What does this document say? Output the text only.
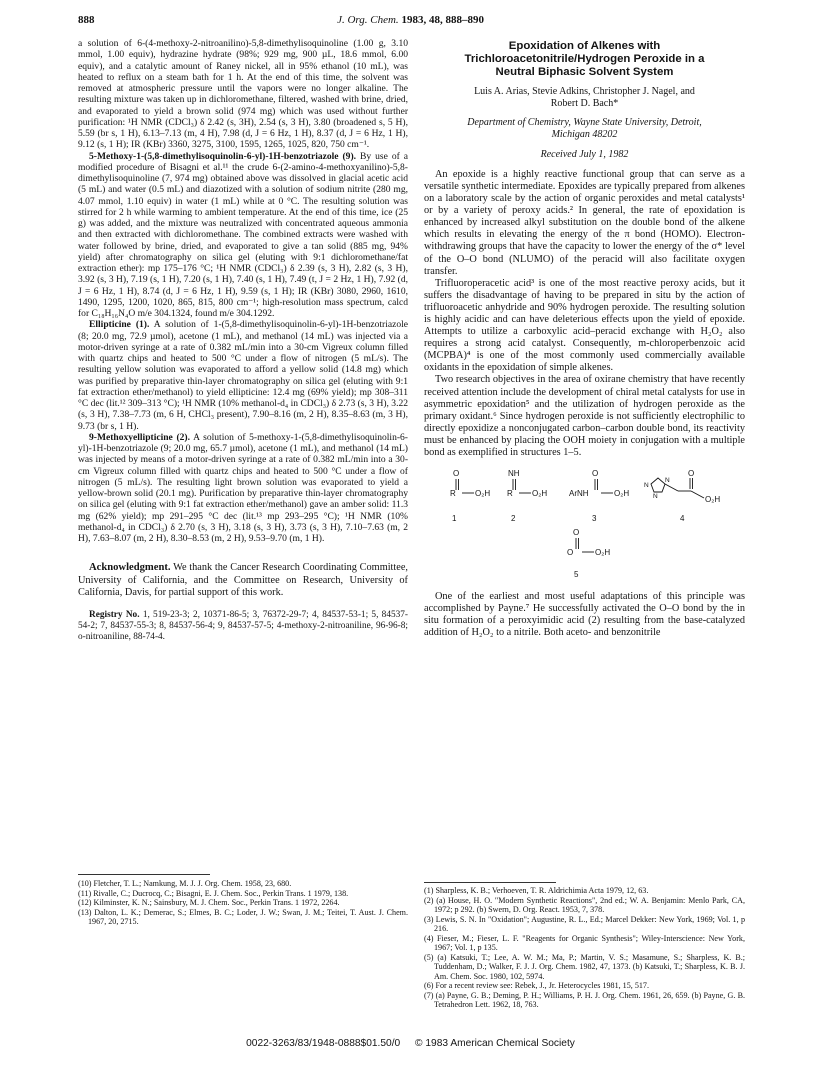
888	J. Org. Chem. 1983, 48, 888–890

a solution of 6-(4-methoxy-2-nitroanilino)-5,8-dimethylisoquinoline (1.00 g, 3.10 mmol, 1.00 equiv), hydrazine hydrate (98%; 929 mg, 900 µL, 18.6 mmol, 6.00 equiv), and a catalytic amount of Raney nickel, all in 95% ethanol (10 mL), was heated to reflux on a steam bath for 1 h. At the end of this time, the solvent was removed at atmospheric pressure until the vapors were no longer alkaline. The resulting mixture was taken up in dichloromethane, filtered, washed with brine, dried, and evaporated to yield a brown solid (974 mg) which was used without further purification: ¹H NMR (CDCl₃) δ 2.42 (s, 3H), 2.54 (s, 3 H), 3.80 (broadened s, 5 H), 5.59 (br s, 1 H), 6.13–7.13 (m, 4 H), 7.98 (d, J = 6 Hz, 1 H), 8.37 (d, J = 6 Hz, 1 H), 9.12 (s, 1 H); IR (KBr) 3360, 3275, 3100, 1595, 1265, 1025, 820, 750 cm⁻¹.

5-Methoxy-1-(5,8-dimethylisoquinolin-6-yl)-1H-benzotriazole (9). By use of a modified procedure of Bisagni et al.¹¹ the crude 6-(2-amino-4-methoxyanilino)-5,8-dimethylisoquinoline (7, 974 mg) obtained above was dissolved in glacial acetic acid (5 mL) and water (0.5 mL) and diazotized with a solution of sodium nitrite (280 mg, 4.07 mmol, 1.10 equiv) in water (1 mL) while at 0 °C. The resulting solution was stirred for 2 h while warming to ambient temperature. At the end of this time, ice (25 g) was added, and the mixture was neutralized with concentrated aqueous ammonia and then extracted with dichloromethane. The combined extracts were washed with water followed by brine, dried, and evaporated to give a tan solid (885 mg, 94% yield) after chromatography on silica gel (eluting with 9:1 dichloromethane/fat extraction ether): mp 175–176 °C; ¹H NMR (CDCl₃) δ 2.39 (s, 3 H), 2.82 (s, 3 H), 3.92 (s, 3 H), 7.19 (s, 1 H), 7.20 (s, 1 H), 7.40 (s, 1 H), 7.49 (t, J = 2 Hz, 1 H), 7.92 (d, J = 6 Hz, 1 H), 8.74 (d, J = 6 Hz, 1 H), 9.59 (s, 1 H); IR (KBr) 3080, 2960, 1610, 1490, 1295, 1200, 1020, 865, 815, 800 cm⁻¹; high-resolution mass spectrum, calcd for C₁₈H₁₆N₄O m/e 304.1324, found m/e 304.1292.

Ellipticine (1). A solution of 1-(5,8-dimethylisoquinolin-6-yl)-1H-benzotriazole (8; 20.0 mg, 72.9 µmol), acetone (1 mL), and methanol (14 mL) was injected via a motor-driven syringe at a rate of 0.382 mL/min into a 30-cm Vigreux column filled with quartz chips and heated to 500 °C under a flow of nitrogen (5 mL/s). The resulting yellow solution was evaporated to afford a yellow solid (14.8 mg) which was purified by preparative thin-layer chromatography on silica gel (eluting with 9:1 fat extraction ether/methanol) to yield ellipticine: 12.4 mg (69% yield); mp 308–311 °C dec (lit.¹² 309–313 °C); ¹H NMR (10% methanol-d₄ in CDCl₃) δ 2.73 (s, 3 H), 3.22 (s, 3 H), 7.38–7.73 (m, 6 H, CHCl₃ present), 7.90–8.16 (m, 2 H), 8.35–8.63 (m, 3 H), 9.73 (br s, 1 H).

9-Methoxyellipticine (2). A solution of 5-methoxy-1-(5,8-dimethylisoquinolin-6-yl)-1H-benzotriazole (9; 20.0 mg, 65.7 µmol), acetone (1 mL), and methanol (14 mL) was injected by means of a motor-driven syringe at a rate of 0.382 mL/min into a 30-cm Vigreux column filled with quartz chips and heated to 500 °C under a flow of nitrogen (5 mL/s). The resulting light brown solution was evaporated to yield a yellow-brown solid (20.1 mg). Purification by preparative thin-layer chromatography on silica gel (eluting with 9:1 fat extraction ether/methanol) gave an amber solid: 11.3 mg (62% yield); mp 291–295 °C dec (lit.¹³ mp 293–295 °C); ¹H NMR (10% methanol-d₄ in CDCl₃) δ 2.70 (s, 3 H), 3.18 (s, 3 H), 3.73 (s, 3 H), 7.10–7.63 (m, 2 H), 7.63–8.07 (m, 2 H), 8.30–8.53 (m, 2 H), 9.53–9.70 (m, 1 H).

Acknowledgment. We thank the Cancer Research Coordinating Committee, University of California, and the Committee on Research, University of California, Davis, for partial support of this work.

Registry No. 1, 519-23-3; 2, 10371-86-5; 3, 76372-29-7; 4, 84537-53-1; 5, 84537-54-2; 7, 84537-55-3; 8, 84537-56-4; 9, 84537-57-5; 4-methoxy-2-nitroaniline, 96-96-8; o-nitroaniline, 88-74-4.

(10) Fletcher, T. L.; Namkung, M. J. J. Org. Chem. 1958, 23, 680.

(11) Rivalle, C.; Ducrocq, C.; Bisagni, E. J. Chem. Soc., Perkin Trans. 1 1979, 138.

(12) Kilminster, K. N.; Sainsbury, M. J. Chem. Soc., Perkin Trans. 1 1972, 2264.

(13) Dalton, L. K.; Demerac, S.; Elmes, B. C.; Loder, J. W.; Swan, J. M.; Teitei, T. Aust. J. Chem. 1967, 20, 2715.

Epoxidation of Alkenes with
Trichloroacetonitrile/Hydrogen Peroxide in a
Neutral Biphasic Solvent System
Luis A. Arias, Stevie Adkins, Christopher J. Nagel, and
Robert D. Bach*
Department of Chemistry, Wayne State University, Detroit,
Michigan 48202
Received July 1, 1982

An epoxide is a highly reactive functional group that can serve as a versatile synthetic intermediate. Epoxides are typically prepared from alkenes on a laboratory scale by the action of organic peroxides and metal catalysts¹ or by a variety of peroxy acids.² In general, the rate of epoxidation is enhanced by increased alkyl substitution on the double bond of the alkene which results in elevating the energy of the π bond (HOMO). Electron-withdrawing groups that have the capacity to lower the energy of the σ* level of the O–O bond (NLUMO) of the peracid will also facilitate oxygen transfer.

Trifluoroperacetic acid³ is one of the most reactive peroxy acids, but it suffers the disadvantage of having to be prepared in situ by the action of trifluoroacetic anhydride and 90% hydrogen peroxide. The resulting solution is highly acidic and can have deleterious effects upon the yield of epoxide. Attempts to utilize a carboxylic acid–peracid exchange with H₂O₂ also requires a strong acid catalyst. Consequently, m-chloroperbenzoic acid (MCPBA)⁴ is one of the most commonly used commercially available oxidants in the epoxidation of simple alkenes.

Two research objectives in the area of oxirane chemistry that have recently received attention include the development of chiral metal catalysts for use in asymmetric epoxidation⁵ and the utilization of hydrogen peroxide as the primary oxidant.⁶ Since hydrogen peroxide is not sufficiently electrophilic to directly epoxidize a nonconjugated carbon–carbon double bond, its reactivity must be enhanced by placing the OOH moiety in conjugation with a multiple bond as exemplified in structures 1–5.

O
R O₂H
1
NH
R O₂H
2
O
ArNH	O₂H
3
N
N
N
O
O₂H
4
O
O	O₂H
5

One of the earliest and most useful adaptations of this principle was accomplished by Payne.⁷ He successfully activated the O–O bond by the in situ formation of a peroxyimidic acid (2) resulting from the base-catalyzed addition of H₂O₂ to a nitrile. Both aceto- and benzonitrile

(1) Sharpless, K. B.; Verhoeven, T. R. Aldrichimia Acta 1979, 12, 63.

(2) (a) House, H. O. "Modern Synthetic Reactions", 2nd ed.; W. A. Benjamin: Menlo Park, CA, 1972; p 292. (b) Swern, D. Org. React. 1953, 7, 378.

(3) Lewis, S. N. In "Oxidation"; Augustine, R. L., Ed.; Marcel Dekker: New York, 1969; Vol. 1, p 216.

(4) Fieser, M.; Fieser, L. F. "Reagents for Organic Synthesis"; Wiley-Interscience: New York, 1967; Vol. 1, p 135.

(5) (a) Katsuki, T.; Lee, A. W. M.; Ma, P.; Martin, V. S.; Masamune, S.; Sharpless, K. B.; Tuddenham, D.; Walker, F. J. J. Org. Chem. 1982, 47, 1373. (b) Katsuki, T.; Sharpless, K. B. J. Am. Chem. Soc. 1980, 102, 5974.

(6) For a recent review see: Rebek, J., Jr. Heterocycles 1981, 15, 517.

(7) (a) Payne, G. B.; Deming, P. H.; Williams, P. H. J. Org. Chem. 1961, 26, 659. (b) Payne, G. B. Tetrahedron Lett. 1962, 18, 763.

0022-3263/83/1948-0888$01.50/0 © 1983 American Chemical Society
